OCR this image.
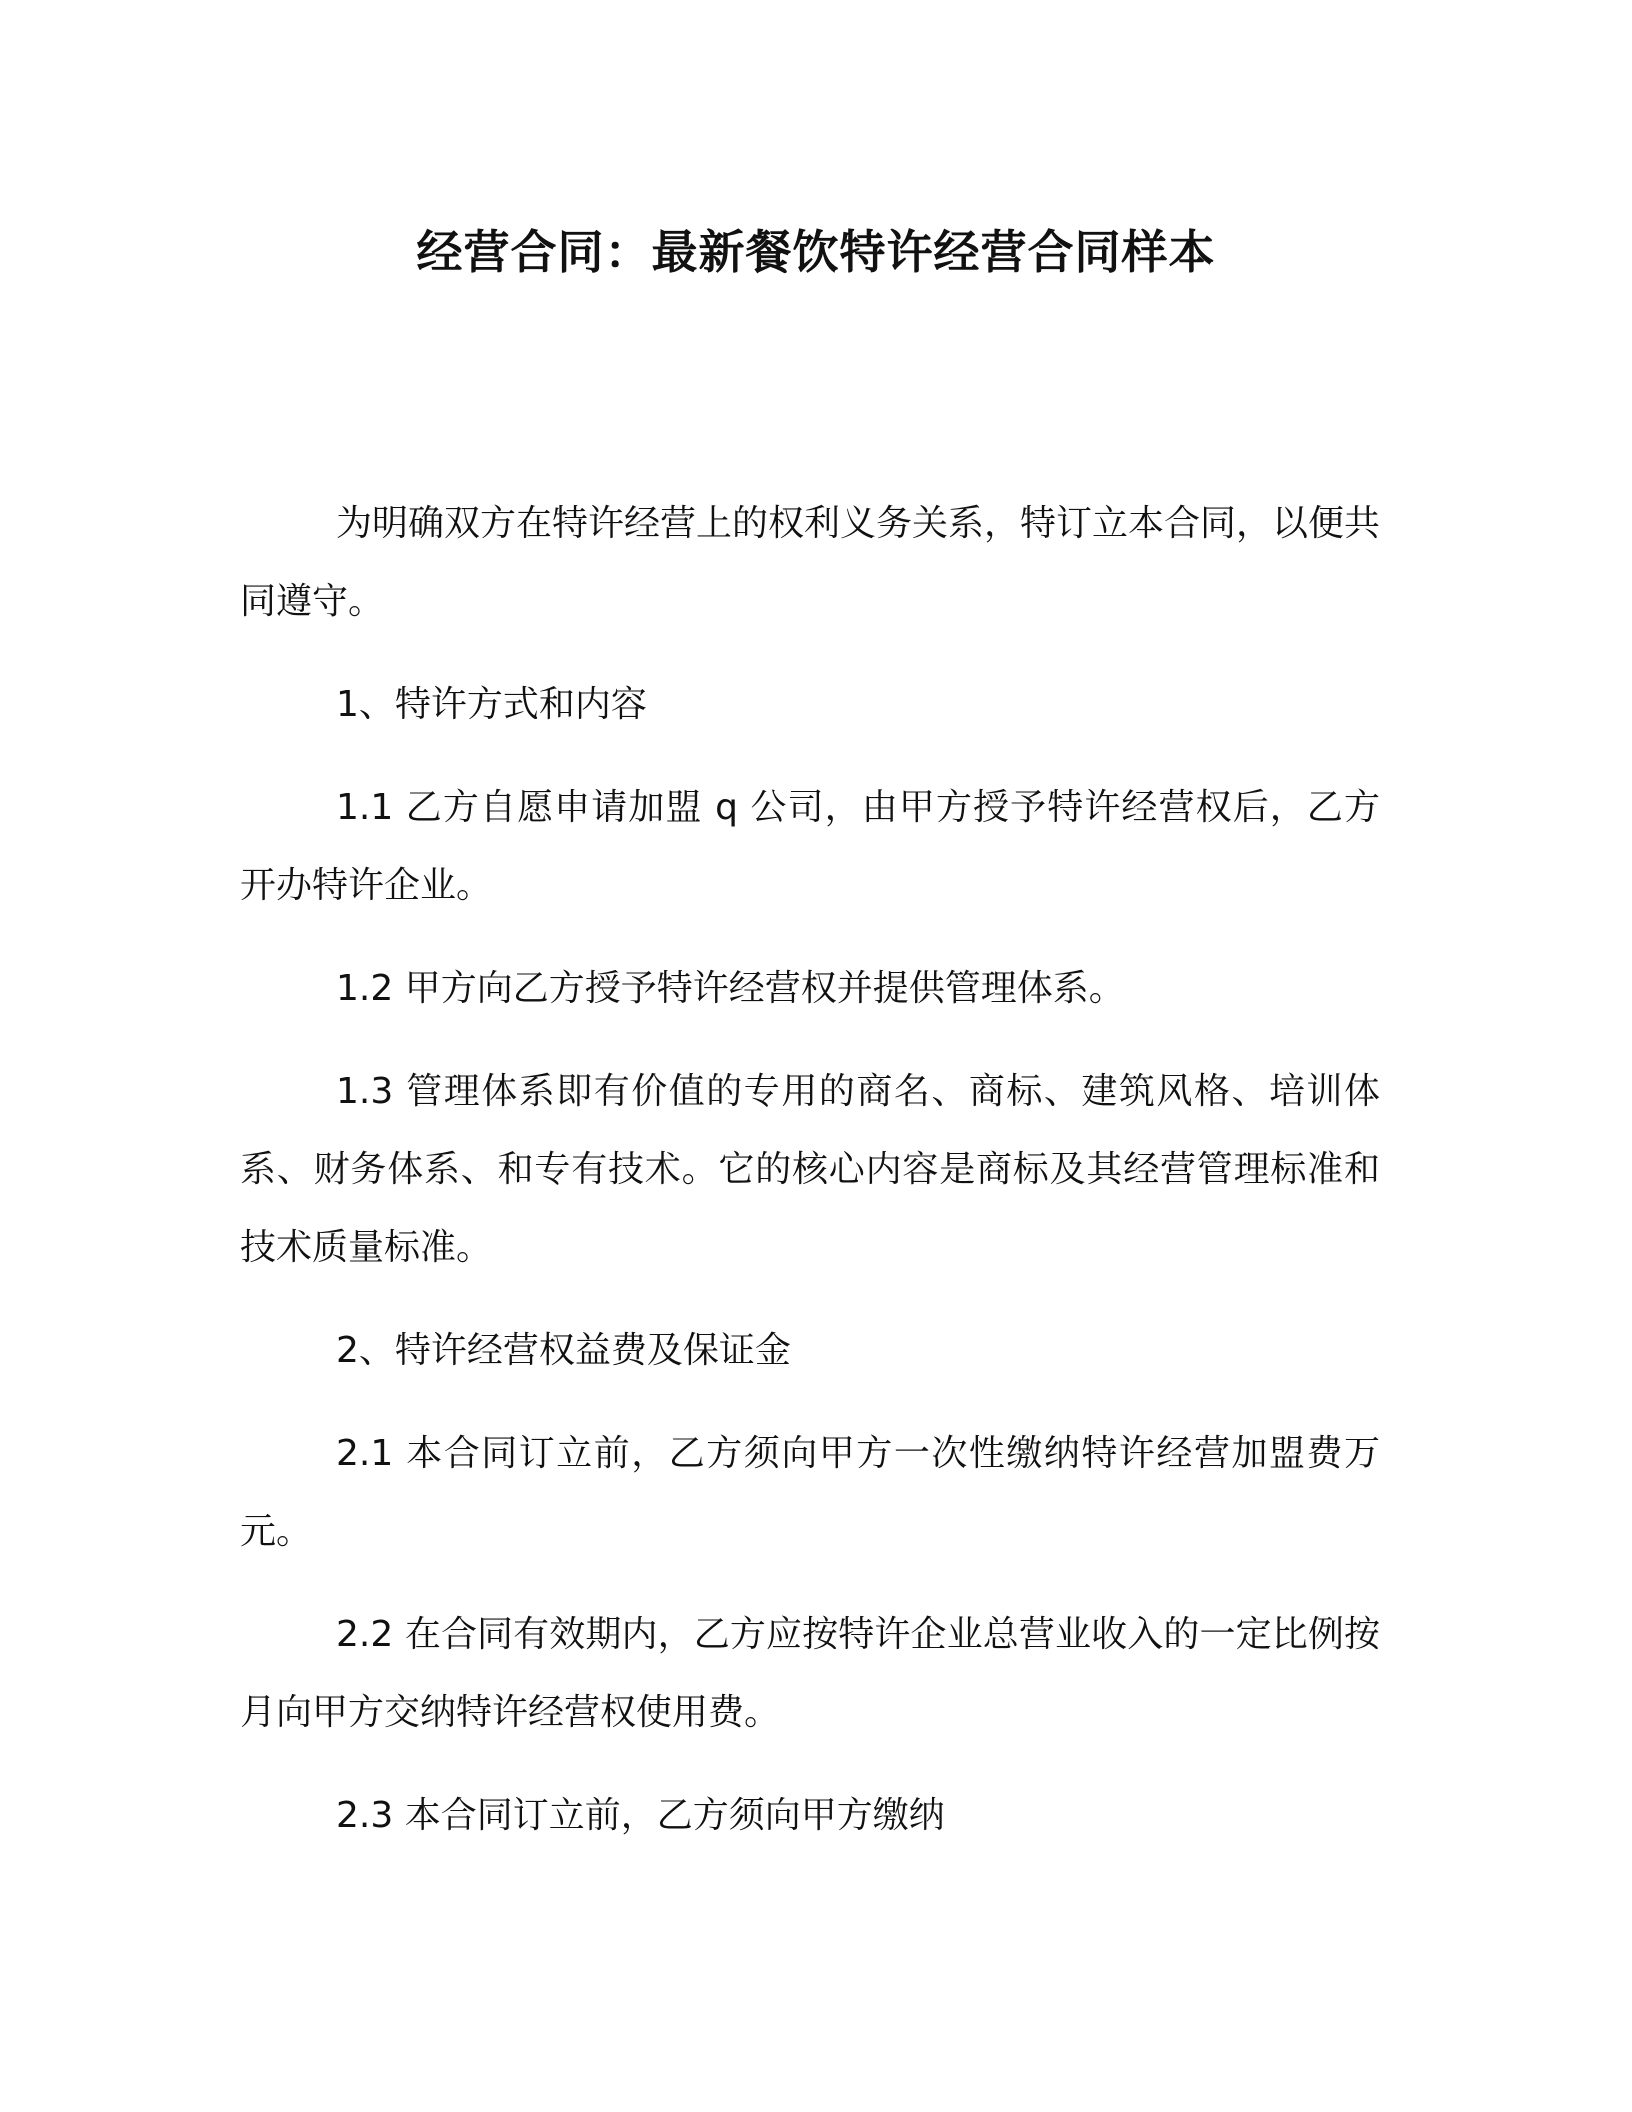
经营合同：最新餐饮特许经营合同样本

为明确双方在特许经营上的权利义务关系，特订立本合同，以便共同遵守。

1、特许方式和内容

1.1 乙方自愿申请加盟 q 公司，由甲方授予特许经营权后，乙方开办特许企业。

1.2 甲方向乙方授予特许经营权并提供管理体系。

1.3 管理体系即有价值的专用的商名、商标、建筑风格、培训体系、财务体系、和专有技术。它的核心内容是商标及其经营管理标准和技术质量标准。

2、特许经营权益费及保证金

2.1 本合同订立前，乙方须向甲方一次性缴纳特许经营加盟费万元。

2.2 在合同有效期内，乙方应按特许企业总营业收入的一定比例按月向甲方交纳特许经营权使用费。

2.3 本合同订立前，乙方须向甲方缴纳
